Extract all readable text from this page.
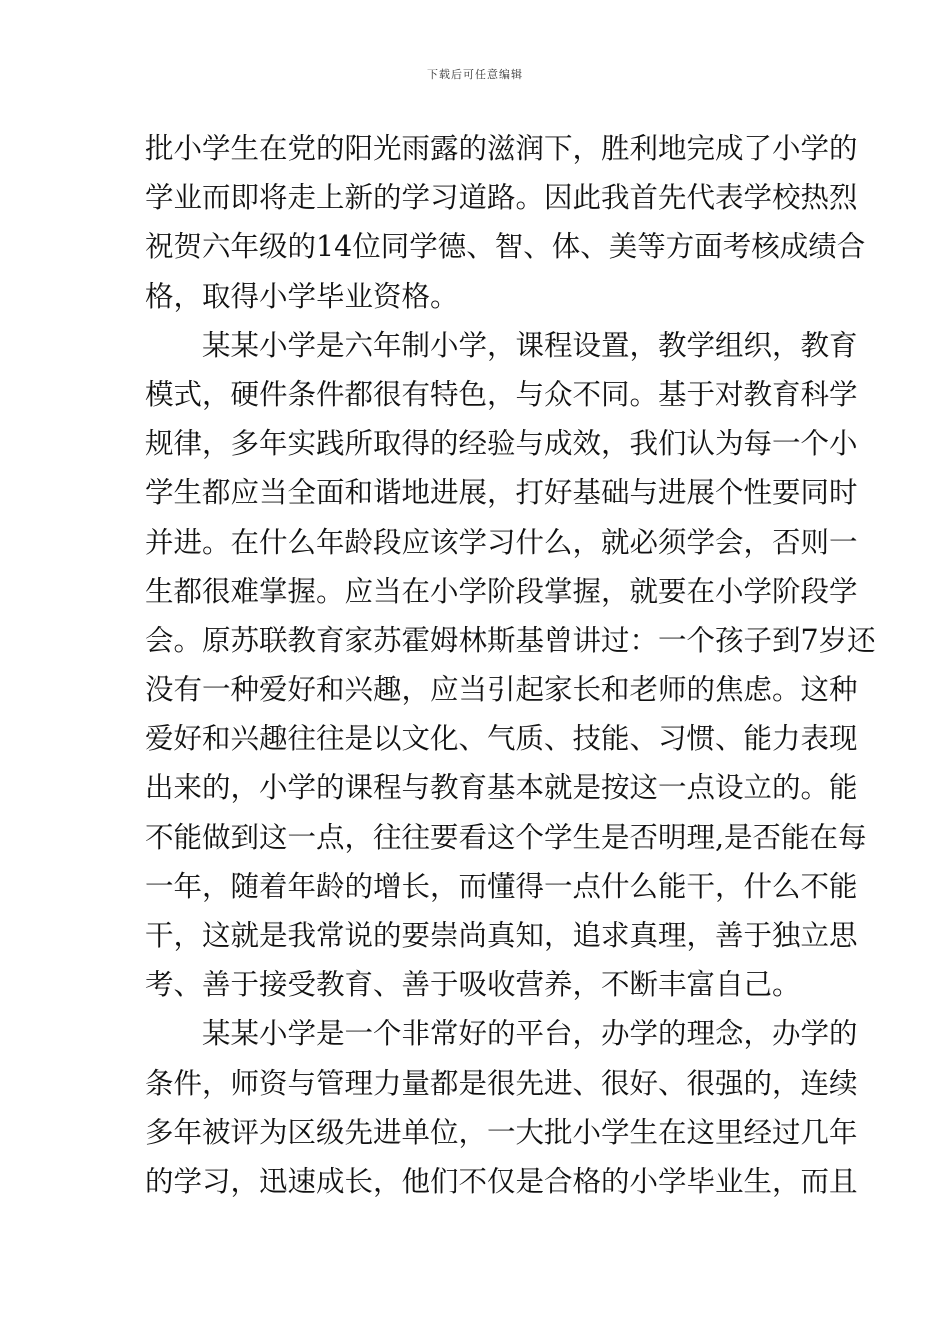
下载后可任意编辑
批小学生在党的阳光雨露的滋润下，胜利地完成了小学的
学业而即将走上新的学习道路。因此我首先代表学校热烈
祝贺六年级的14位同学德、智、体、美等方面考核成绩合
格，取得小学毕业资格。
　　某某小学是六年制小学，课程设置，教学组织，教育
模式，硬件条件都很有特色，与众不同。基于对教育科学
规律，多年实践所取得的经验与成效，我们认为每一个小
学生都应当全面和谐地进展，打好基础与进展个性要同时
并进。在什么年龄段应该学习什么，就必须学会，否则一
生都很难掌握。应当在小学阶段掌握，就要在小学阶段学
会。原苏联教育家苏霍姆林斯基曾讲过：一个孩子到7岁还
没有一种爱好和兴趣，应当引起家长和老师的焦虑。这种
爱好和兴趣往往是以文化、气质、技能、习惯、能力表现
出来的，小学的课程与教育基本就是按这一点设立的。能
不能做到这一点，往往要看这个学生是否明理,是否能在每
一年，随着年龄的增长，而懂得一点什么能干，什么不能
干，这就是我常说的要崇尚真知，追求真理，善于独立思
考、善于接受教育、善于吸收营养，不断丰富自己。
　　某某小学是一个非常好的平台，办学的理念，办学的
条件，师资与管理力量都是很先进、很好、很强的，连续
多年被评为区级先进单位，一大批小学生在这里经过几年
的学习，迅速成长，他们不仅是合格的小学毕业生，而且
